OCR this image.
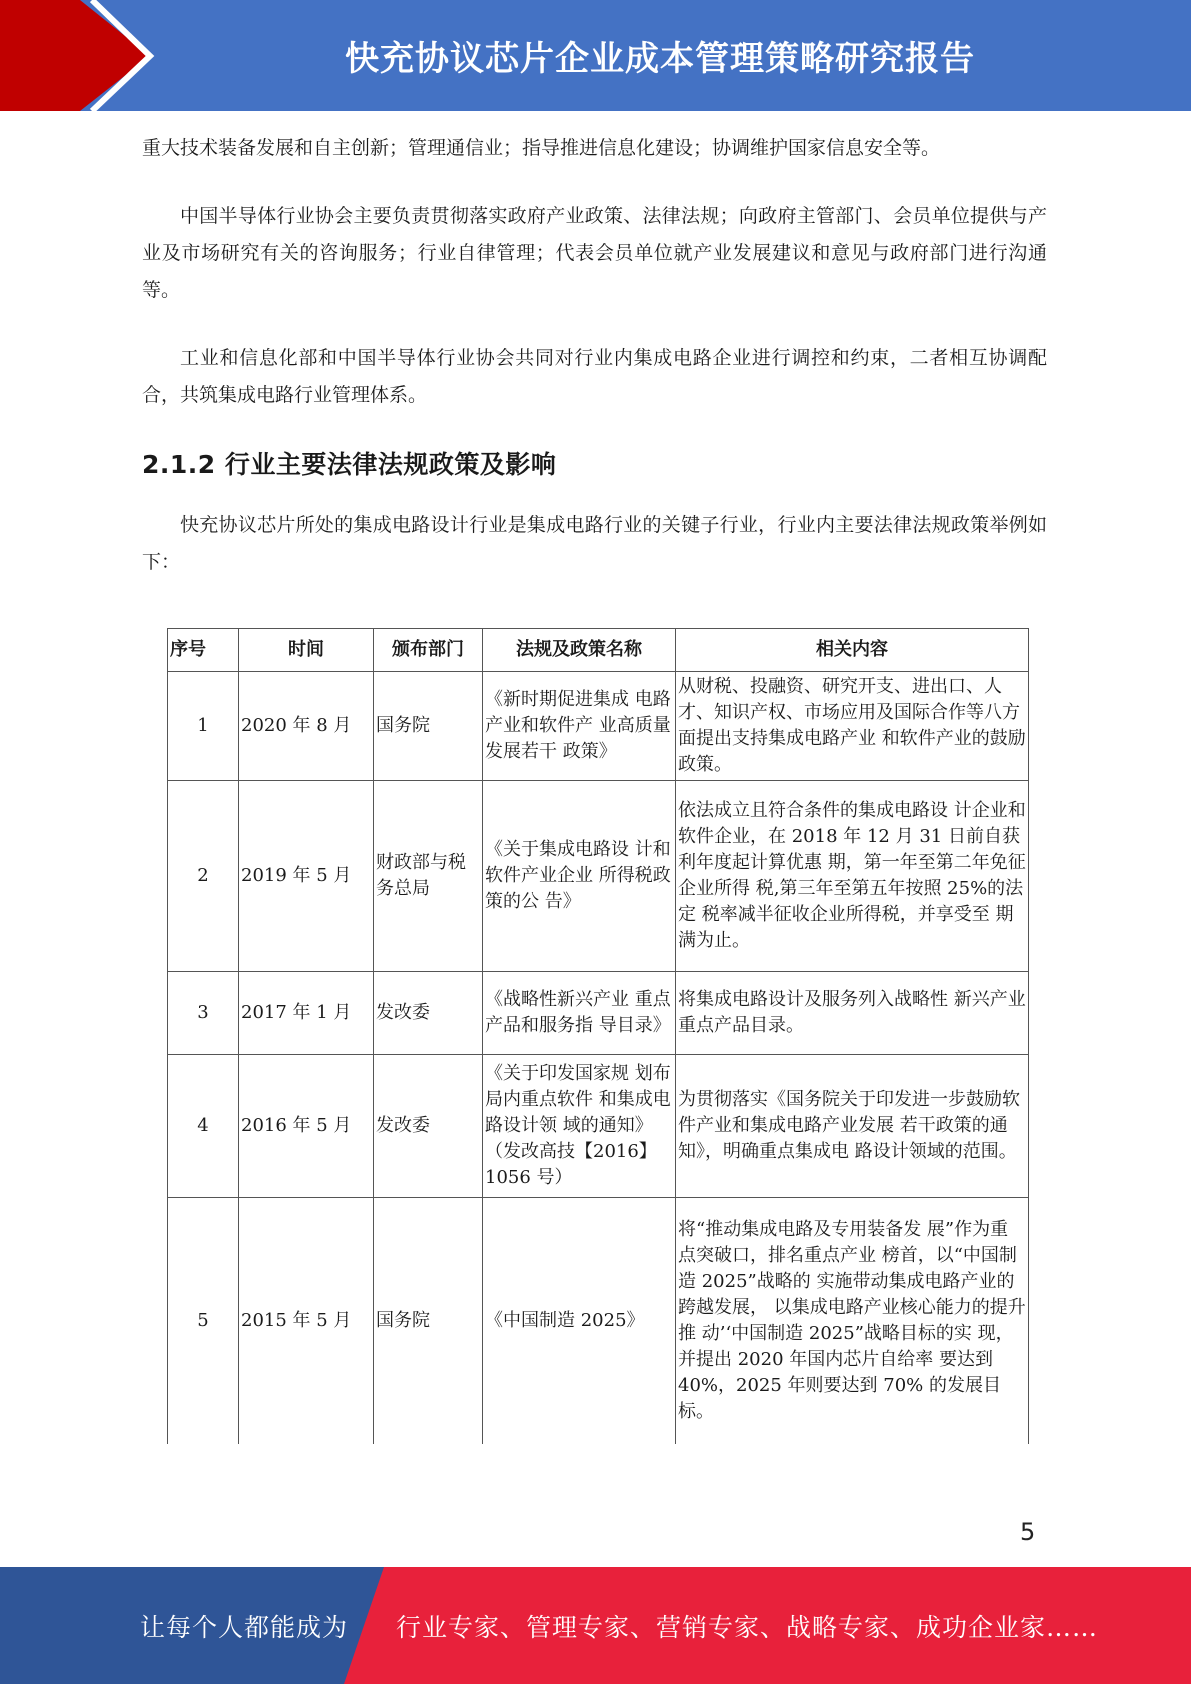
快充协议芯片企业成本管理策略研究报告

重大技术装备发展和自主创新；管理通信业；指导推进信息化建设；协调维护国家信息安全等。

中国半导体行业协会主要负责贯彻落实政府产业政策、法律法规；向政府主管部门、会员单位提供与产业及市场研究有关的咨询服务；行业自律管理；代表会员单位就产业发展建议和意见与政府部门进行沟通等。

工业和信息化部和中国半导体行业协会共同对行业内集成电路企业进行调控和约束，二者相互协调配合，共筑集成电路行业管理体系。

2.1.2 行业主要法律法规政策及影响

快充协议芯片所处的集成电路设计行业是集成电路行业的关键子行业，行业内主要法律法规政策举例如下：

序号	时间	颁布部门	法规及政策名称	相关内容
1	2020 年 8 月	国务院	《新时期促进集成 电路产业和软件产 业高质量发展若干 政策》	从财税、投融资、研究开支、进出口、人才、知识产权、市场应用及国际合作等八方面提出支持集成电路产业 和软件产业的鼓励政策。
2	2019 年 5 月	财政部与税务总局	《关于集成电路设 计和软件产业企业 所得税政策的公 告》	依法成立且符合条件的集成电路设 计企业和软件企业，在 2018 年 12 月 31 日前自获利年度起计算优惠 期，第一年至第二年免征企业所得 税,第三年至第五年按照 25%的法定 税率减半征收企业所得税，并享受至 期满为止。
3	2017 年 1 月	发改委	《战略性新兴产业 重点产品和服务指 导目录》	将集成电路设计及服务列入战略性 新兴产业重点产品目录。
4	2016 年 5 月	发改委	《关于印发国家规 划布局内重点软件 和集成电路设计领 域的通知》（发改高技【2016】1056 号）	为贯彻落实《国务院关于印发进一步鼓励软件产业和集成电路产业发展 若干政策的通知》，明确重点集成电 路设计领域的范围。
5	2015 年 5 月	国务院	《中国制造 2025》	将“推动集成电路及专用装备发 展”作为重点突破口，排名重点产业 榜首，以“中国制造 2025”战略的 实施带动集成电路产业的跨越发展， 以集成电路产业核心能力的提升推 动’‘中国制造 2025”战略目标的实 现，并提出 2020 年国内芯片自给率 要达到 40%，2025 年则要达到 70% 的发展目标。
5
让每个人都能成为 行业专家、管理专家、营销专家、战略专家、成功企业家……
